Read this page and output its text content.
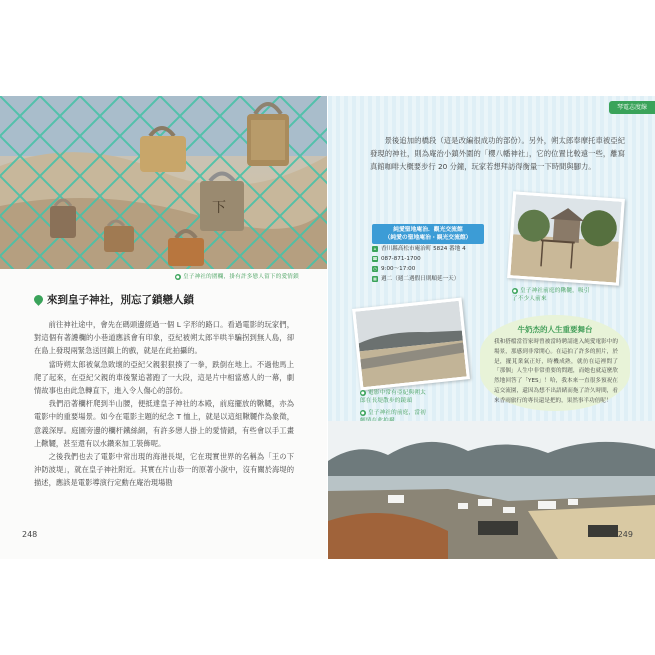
下
● 皇子神社的圍欄，掛有許多戀人留下的愛情鎖
來到皇子神社，別忘了鎖戀人鎖

前往神社途中，會先在碼頭邊經過一個 L 字形的路口。看過電影的玩家們，對這個有著護欄的小巷道應該會有印象，亞紀被朔太郎半哄半騙拐到無人島，卻在島上發現兩緊急送回鎮上的戲，就是在此拍攝的。

當時朔太郎被氣急敗壞的亞紀父親狠狠揍了一拳，跌倒在地上。不過他馬上爬了起來，在亞紀父親的車後緊追著跑了一大段，這是片中相當感人的一幕，劇情故事也由此急轉直下，進入令人傷心的部份。

我們沿著欄杆爬到半山腰，便抵達皇子神社的本殿，前庭擺放的鞦韆，亦為電影中的重要場景。如今在電影主題的紀念 T 恤上，就是以這組鞦韆作為象徵，意義深厚。庭園旁邊的欄杆鐵絲網，有許多戀人掛上的愛情鎖，有些會以手工畫上鞦韆，甚至還有以水鑽來加工裝飾呢。

之後我們也去了電影中常出現的海港長堤，它在現實世界的名稱為「王の下沖防波堤」，就在皇子神社附近。其實在片山恭一的原著小說中，沒有關於海堤的描述，應該是電影導演行定勳在庵治現場勘

248
琴電志度線
景後追加的橋段（這是改編很成功的部份）。另外，朔太郎奉摩托車被亞紀發現的神社，則為庵治小鎮外圍的「櫻八幡神社」，它的位置比較遠一些，離寫真館咖啡大概要步行 20 分鐘，玩家若想拜訪得衡量一下時間與腳力。
純愛聖地庵治．觀光交流館
（純愛の聖地庵治・観光交流館）
⌂ 香川縣高松市庵治町 5824 番地 4
☎ 087-871-1700
◷ 9:00～17:00
▦ 週二（週二遇假日則順延一天）
● 皇子神社前庭的鞦韆，吸引了不少人前來
● 電影中常有亞紀與朔太郎在長堤散步的鏡頭
● 皇子神社的前庭，當初
牛奶杰的人生重要舞台
我和搭檔當管家時曾被當時聘請進入純愛電影中的場景，那感到非常開心。在這拍了許多的照片，於是，擺莧業氣正好，時機成熟，就彷在這裡問了「那個」人生中非常重要的問題，而她也就這麼欣然地回答了「YES」！哈，我本來一直很多預祝在這交流園，還因為想不出語緒而拖了許久時間，看來香雨旅行的專長還是把的，果然事半功倍呢！
249
